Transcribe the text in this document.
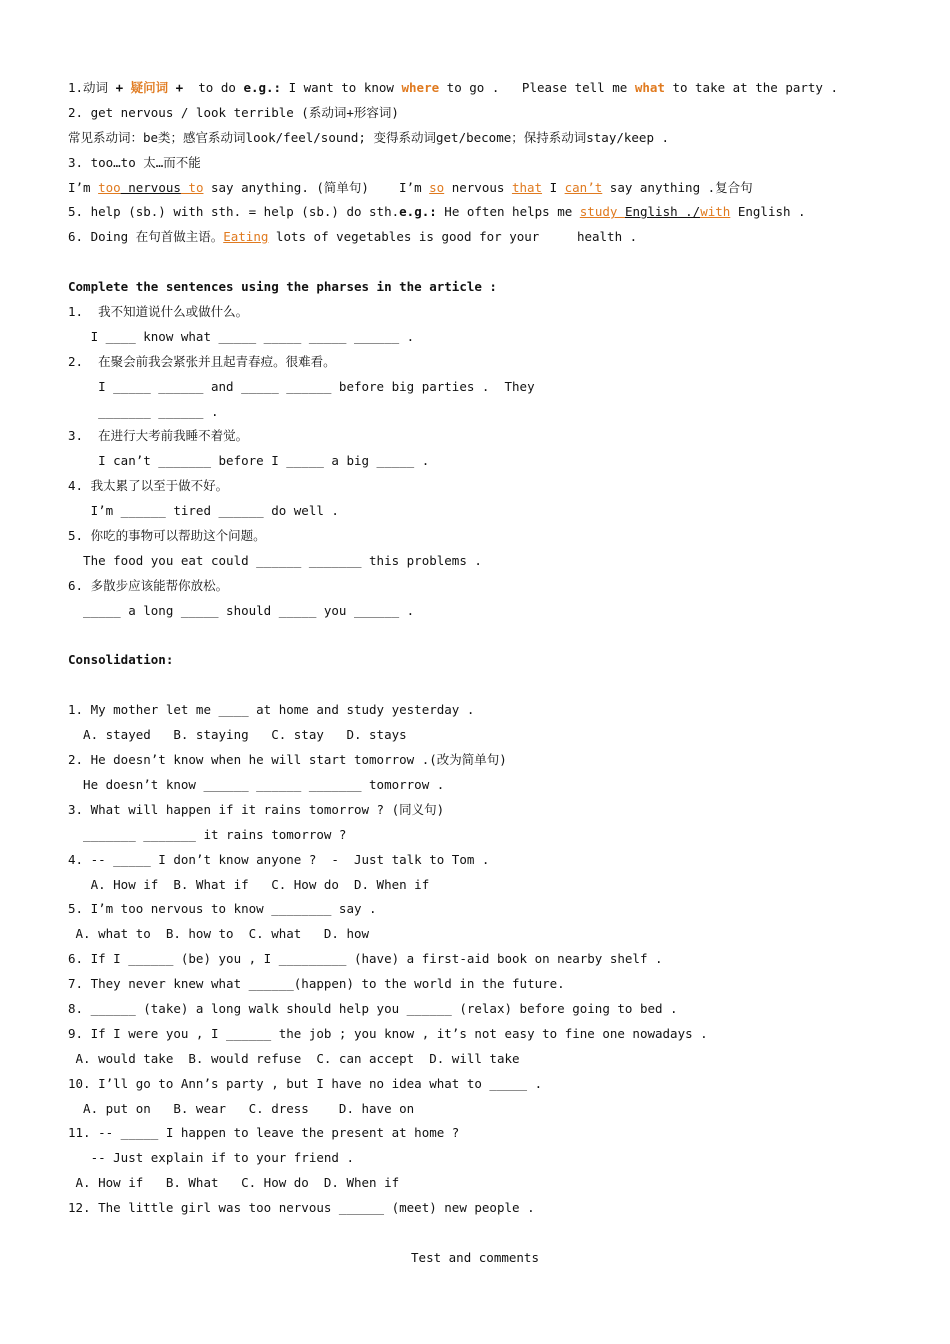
1.动词 + 疑问词 +  to do e.g.: I want to know where to go .   Please tell me what to take at the party .
2. get nervous / look terrible (系动词+形容词)
常见系动词：be类；感官系动词look/feel/sound; 变得系动词get/become；保持系动词stay/keep .
3. too…to 太…而不能
I’m too nervous to say anything. (简单句)    I’m so nervous that I can’t say anything .复合句
5. help (sb.) with sth. = help (sb.) do sth.e.g.: He often helps me study English ./with English .
6. Doing 在句首做主语。Eating lots of vegetables is good for your     health .
Complete the sentences using the pharses in the article :
1.  我不知道说什么或做什么。
I ____ know what _____ _____ _____ ______ .
2.  在聚会前我会紧张并且起青春痘。很难看。
I _____ ______ and _____ ______ before big parties .  They
_______ ______ .
3.  在进行大考前我睡不着觉。
I can’t _______ before I _____ a big _____ .
4. 我太累了以至于做不好。
I’m ______ tired ______ do well .
5. 你吃的事物可以帮助这个问题。
The food you eat could ______ _______ this problems .
6. 多散步应该能帮你放松。
_____ a long _____ should _____ you ______ .
Consolidation:
1. My mother let me ____ at home and study yesterday .
A. stayed   B. staying   C. stay   D. stays
2. He doesn’t know when he will start tomorrow .(改为简单句)
He doesn’t know ______ ______ _______ tomorrow .
3. What will happen if it rains tomorrow ? (同义句)
_______ _______ it rains tomorrow ?
4. -- _____ I don’t know anyone ?  -  Just talk to Tom .
A. How if  B. What if   C. How do  D. When if
5. I’m too nervous to know ________ say .
A. what to  B. how to  C. what   D. how
6. If I ______ (be) you , I _________ (have) a first-aid book on nearby shelf .
7. They never knew what ______(happen) to the world in the future.
8. ______ (take) a long walk should help you ______ (relax) before going to bed .
9. If I were you , I ______ the job ; you know , it’s not easy to fine one nowadays .
A. would take  B. would refuse  C. can accept  D. will take
10. I’ll go to Ann’s party , but I have no idea what to _____ .
A. put on   B. wear   C. dress    D. have on
11. -- _____ I happen to leave the present at home ?
-- Just explain if to your friend .
A. How if   B. What   C. How do  D. When if
12. The little girl was too nervous ______ (meet) new people .
Test and comments
